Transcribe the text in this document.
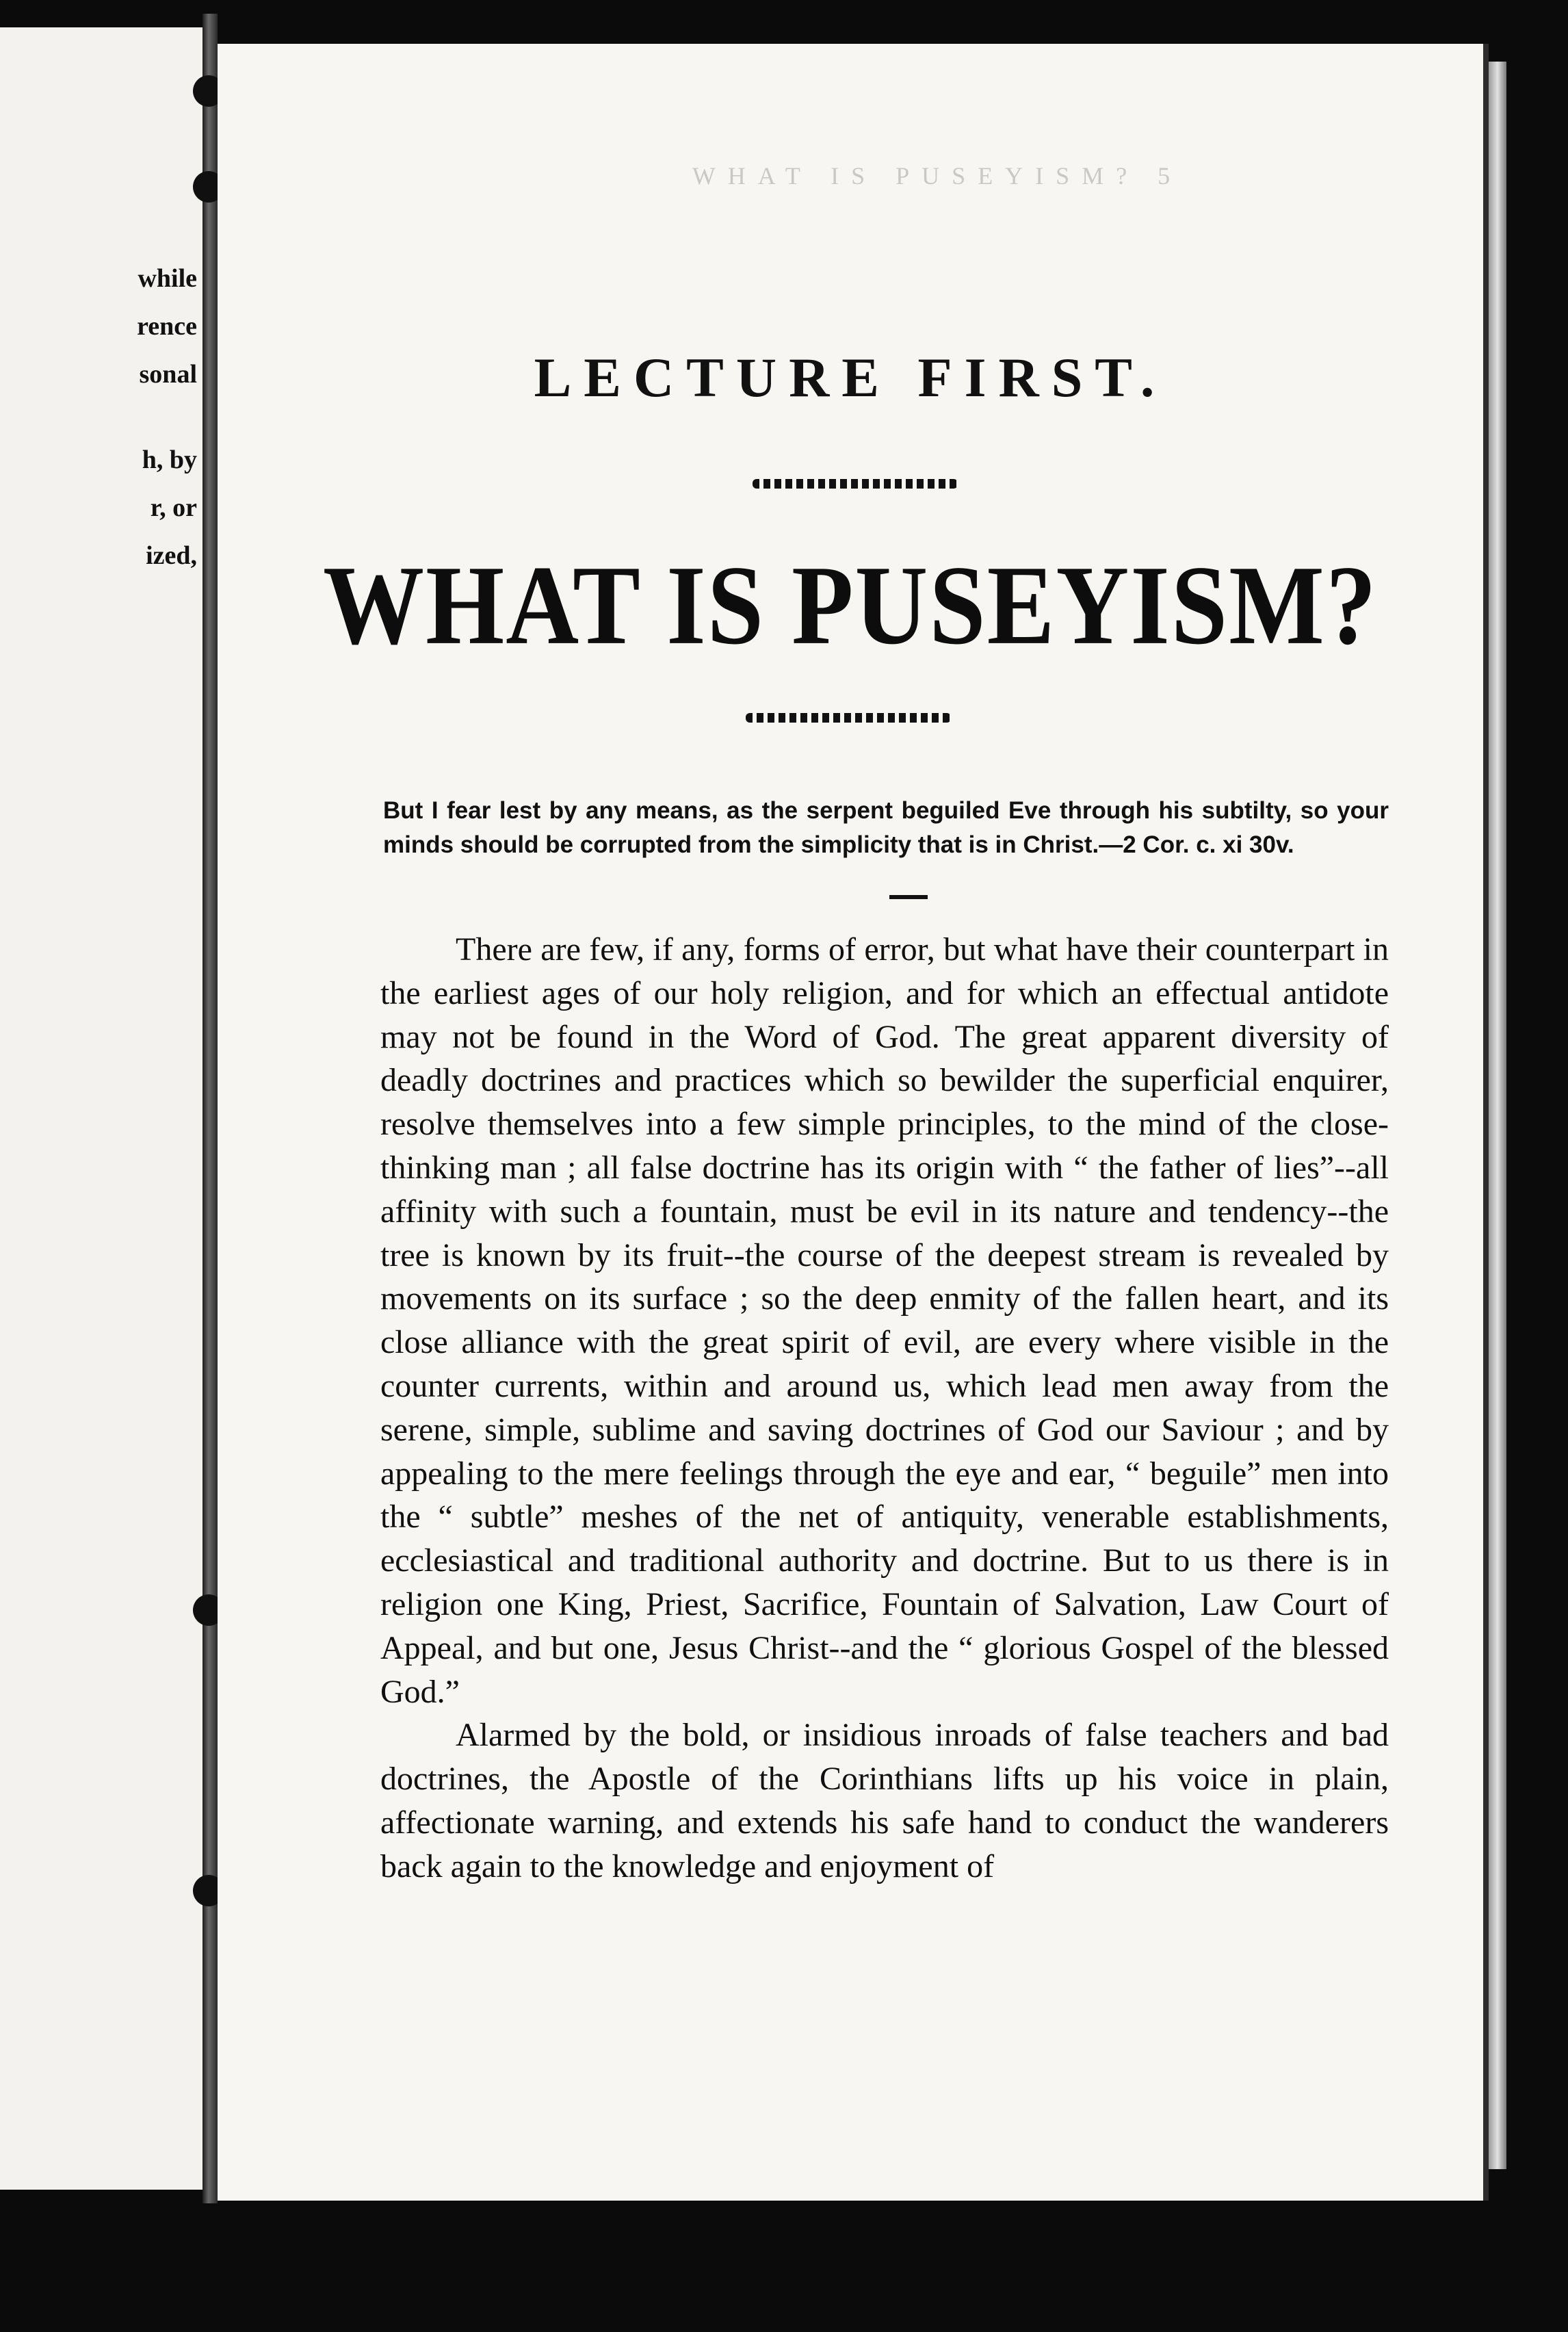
while
rence
sonal
h, by
r, or
ized,
WHAT IS PUSEYISM? 5
LECTURE FIRST.
WHAT IS PUSEYISM?
But I fear lest by any means, as the serpent beguiled Eve through his subtilty, so your minds should be corrupted from the simplicity that is in Christ.—2 Cor. c. xi 30v.

There are few, if any, forms of error, but what have their counterpart in the earliest ages of our holy religion, and for which an effectual antidote may not be found in the Word of God. The great apparent diversity of deadly doctrines and practices which so bewilder the superficial enquirer, resolve themselves into a few simple principles, to the mind of the close-thinking man ; all false doctrine has its origin with “ the father of lies”--all affinity with such a fountain, must be evil in its nature and tendency--the tree is known by its fruit--the course of the deepest stream is revealed by movements on its surface ; so the deep enmity of the fallen heart, and its close alliance with the great spirit of evil, are every where visible in the counter currents, within and around us, which lead men away from the serene, simple, sublime and saving doctrines of God our Saviour ; and by appealing to the mere feelings through the eye and ear, “ beguile” men into the “ subtle” meshes of the net of antiquity, venerable establishments, ecclesiastical and traditional authority and doctrine. But to us there is in religion one King, Priest, Sacrifice, Fountain of Salvation, Law Court of Appeal, and but one, Jesus Christ--and the “ glorious Gospel of the blessed God.”

Alarmed by the bold, or insidious inroads of false teachers and bad doctrines, the Apostle of the Corinthians lifts up his voice in plain, affectionate warning, and extends his safe hand to conduct the wanderers back again to the knowledge and enjoyment of
